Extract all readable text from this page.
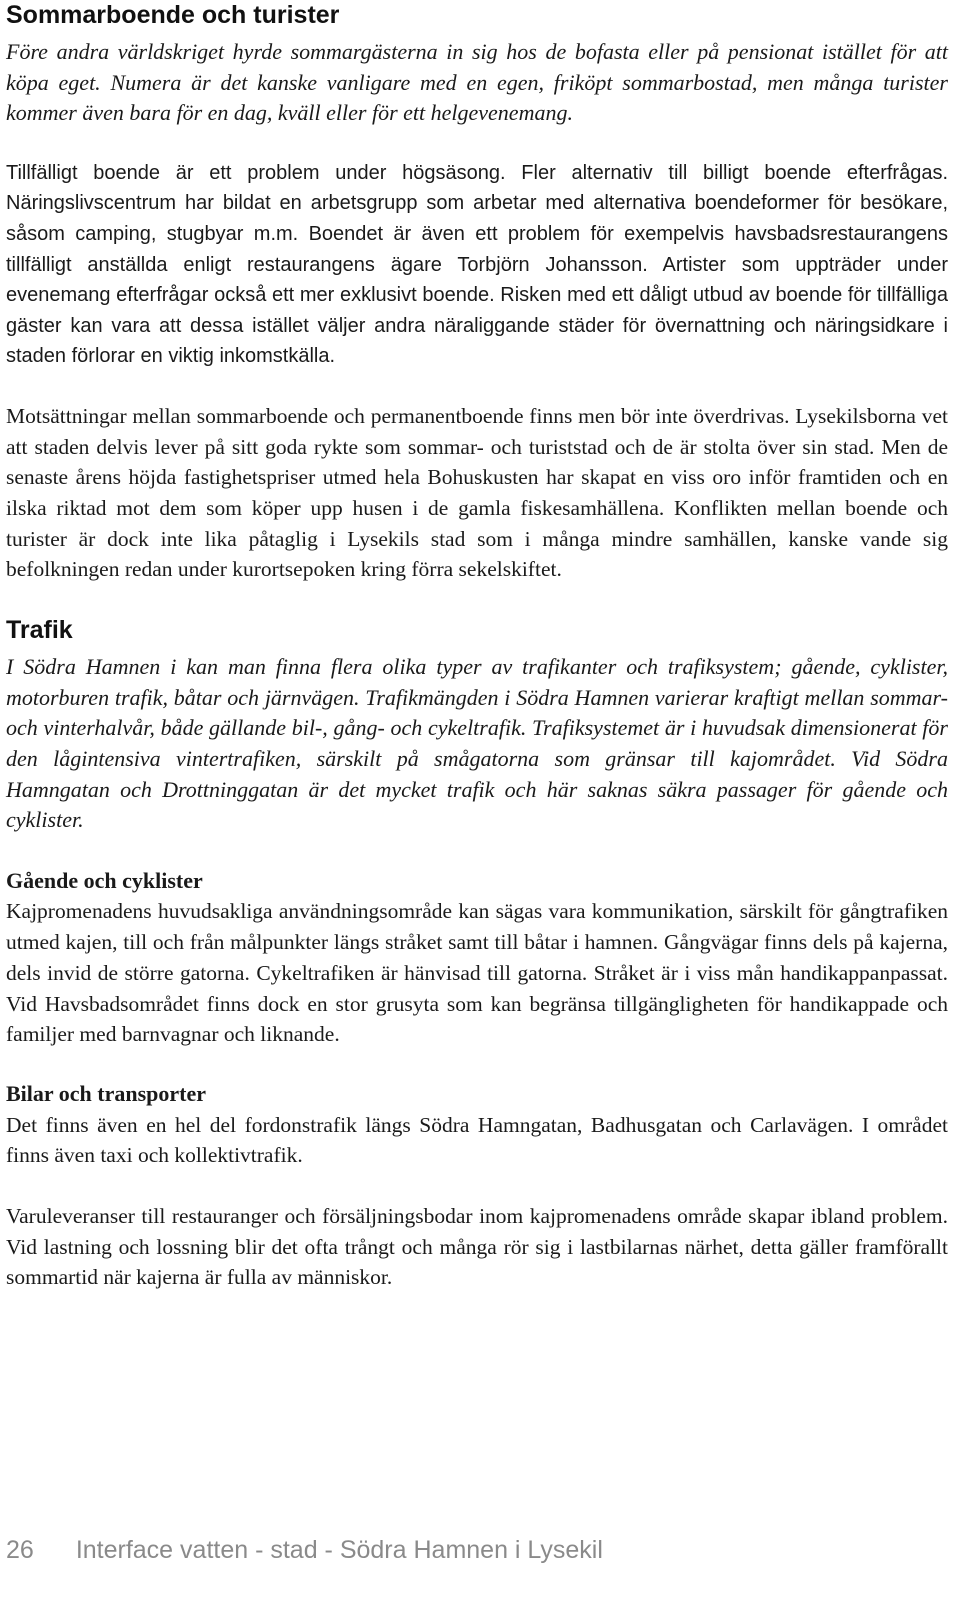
Sommarboende och turister

Före andra världskriget hyrde sommargästerna in sig hos de bofasta eller på pensionat istället för att köpa eget. Numera är det kanske vanligare med en egen, friköpt sommarbostad, men många turister kommer även bara för en dag, kväll eller för ett helgevenemang.

Tillfälligt boende är ett problem under högsäsong. Fler alternativ till billigt boende efterfrågas. Näringslivscentrum har bildat en arbetsgrupp som arbetar med alternativa boendeformer för besökare, såsom camping, stugbyar m.m. Boendet är även ett problem för exempelvis havsbadsrestaurangens tillfälligt anställda enligt restaurangens ägare Torbjörn Johansson. Artister som uppträder under evenemang efterfrågar också ett mer exklusivt boende. Risken med ett dåligt utbud av boende för tillfälliga gäster kan vara att dessa istället väljer andra näraliggande städer för övernattning och näringsidkare i staden förlorar en viktig inkomstkälla.

Motsättningar mellan sommarboende och permanentboende finns men bör inte överdrivas. Lysekilsborna vet att staden delvis lever på sitt goda rykte som sommar- och turiststad och de är stolta över sin stad. Men de senaste årens höjda fastighetspriser utmed hela Bohuskusten har skapat en viss oro inför framtiden och en ilska riktad mot dem som köper upp husen i de gamla fiskesamhällena. Konflikten mellan boende och turister är dock inte lika påtaglig i Lysekils stad som i många mindre samhällen, kanske vande sig befolkningen redan under kurortsepoken kring förra sekelskiftet.

Trafik

I Södra Hamnen i kan man finna flera olika typer av trafikanter och trafiksystem; gående, cyklister, motorburen trafik, båtar och järnvägen. Trafikmängden i Södra Hamnen varierar kraftigt mellan sommar- och vinterhalvår, både gällande bil-, gång- och cykeltrafik. Trafiksystemet är i huvudsak dimensionerat för den lågintensiva vintertrafiken, särskilt på smågatorna som gränsar till kajområdet. Vid Södra Hamngatan och Drottninggatan är det mycket trafik och här saknas säkra passager för gående och cyklister.

Gående och cyklister

Kajpromenadens huvudsakliga användningsområde kan sägas vara kommunikation, särskilt för gångtrafiken utmed kajen, till och från målpunkter längs stråket samt till båtar i hamnen. Gångvägar finns dels på kajerna, dels invid de större gatorna. Cykeltrafiken är hänvisad till gatorna. Stråket är i viss mån handikappanpassat. Vid Havsbadsområdet finns dock en stor grusyta som kan begränsa tillgängligheten för handikappade och familjer med barnvagnar och liknande.

Bilar och transporter

Det finns även en hel del fordonstrafik längs Södra Hamngatan, Badhusgatan och Carlavägen. I området finns även taxi och kollektivtrafik.

Varuleveranser till restauranger och försäljningsbodar inom kajpromenadens område skapar ibland problem. Vid lastning och lossning blir det ofta trångt och många rör sig i lastbilarnas närhet, detta gäller framförallt sommartid när kajerna är fulla av människor.

26 Interface vatten - stad - Södra Hamnen i Lysekil
